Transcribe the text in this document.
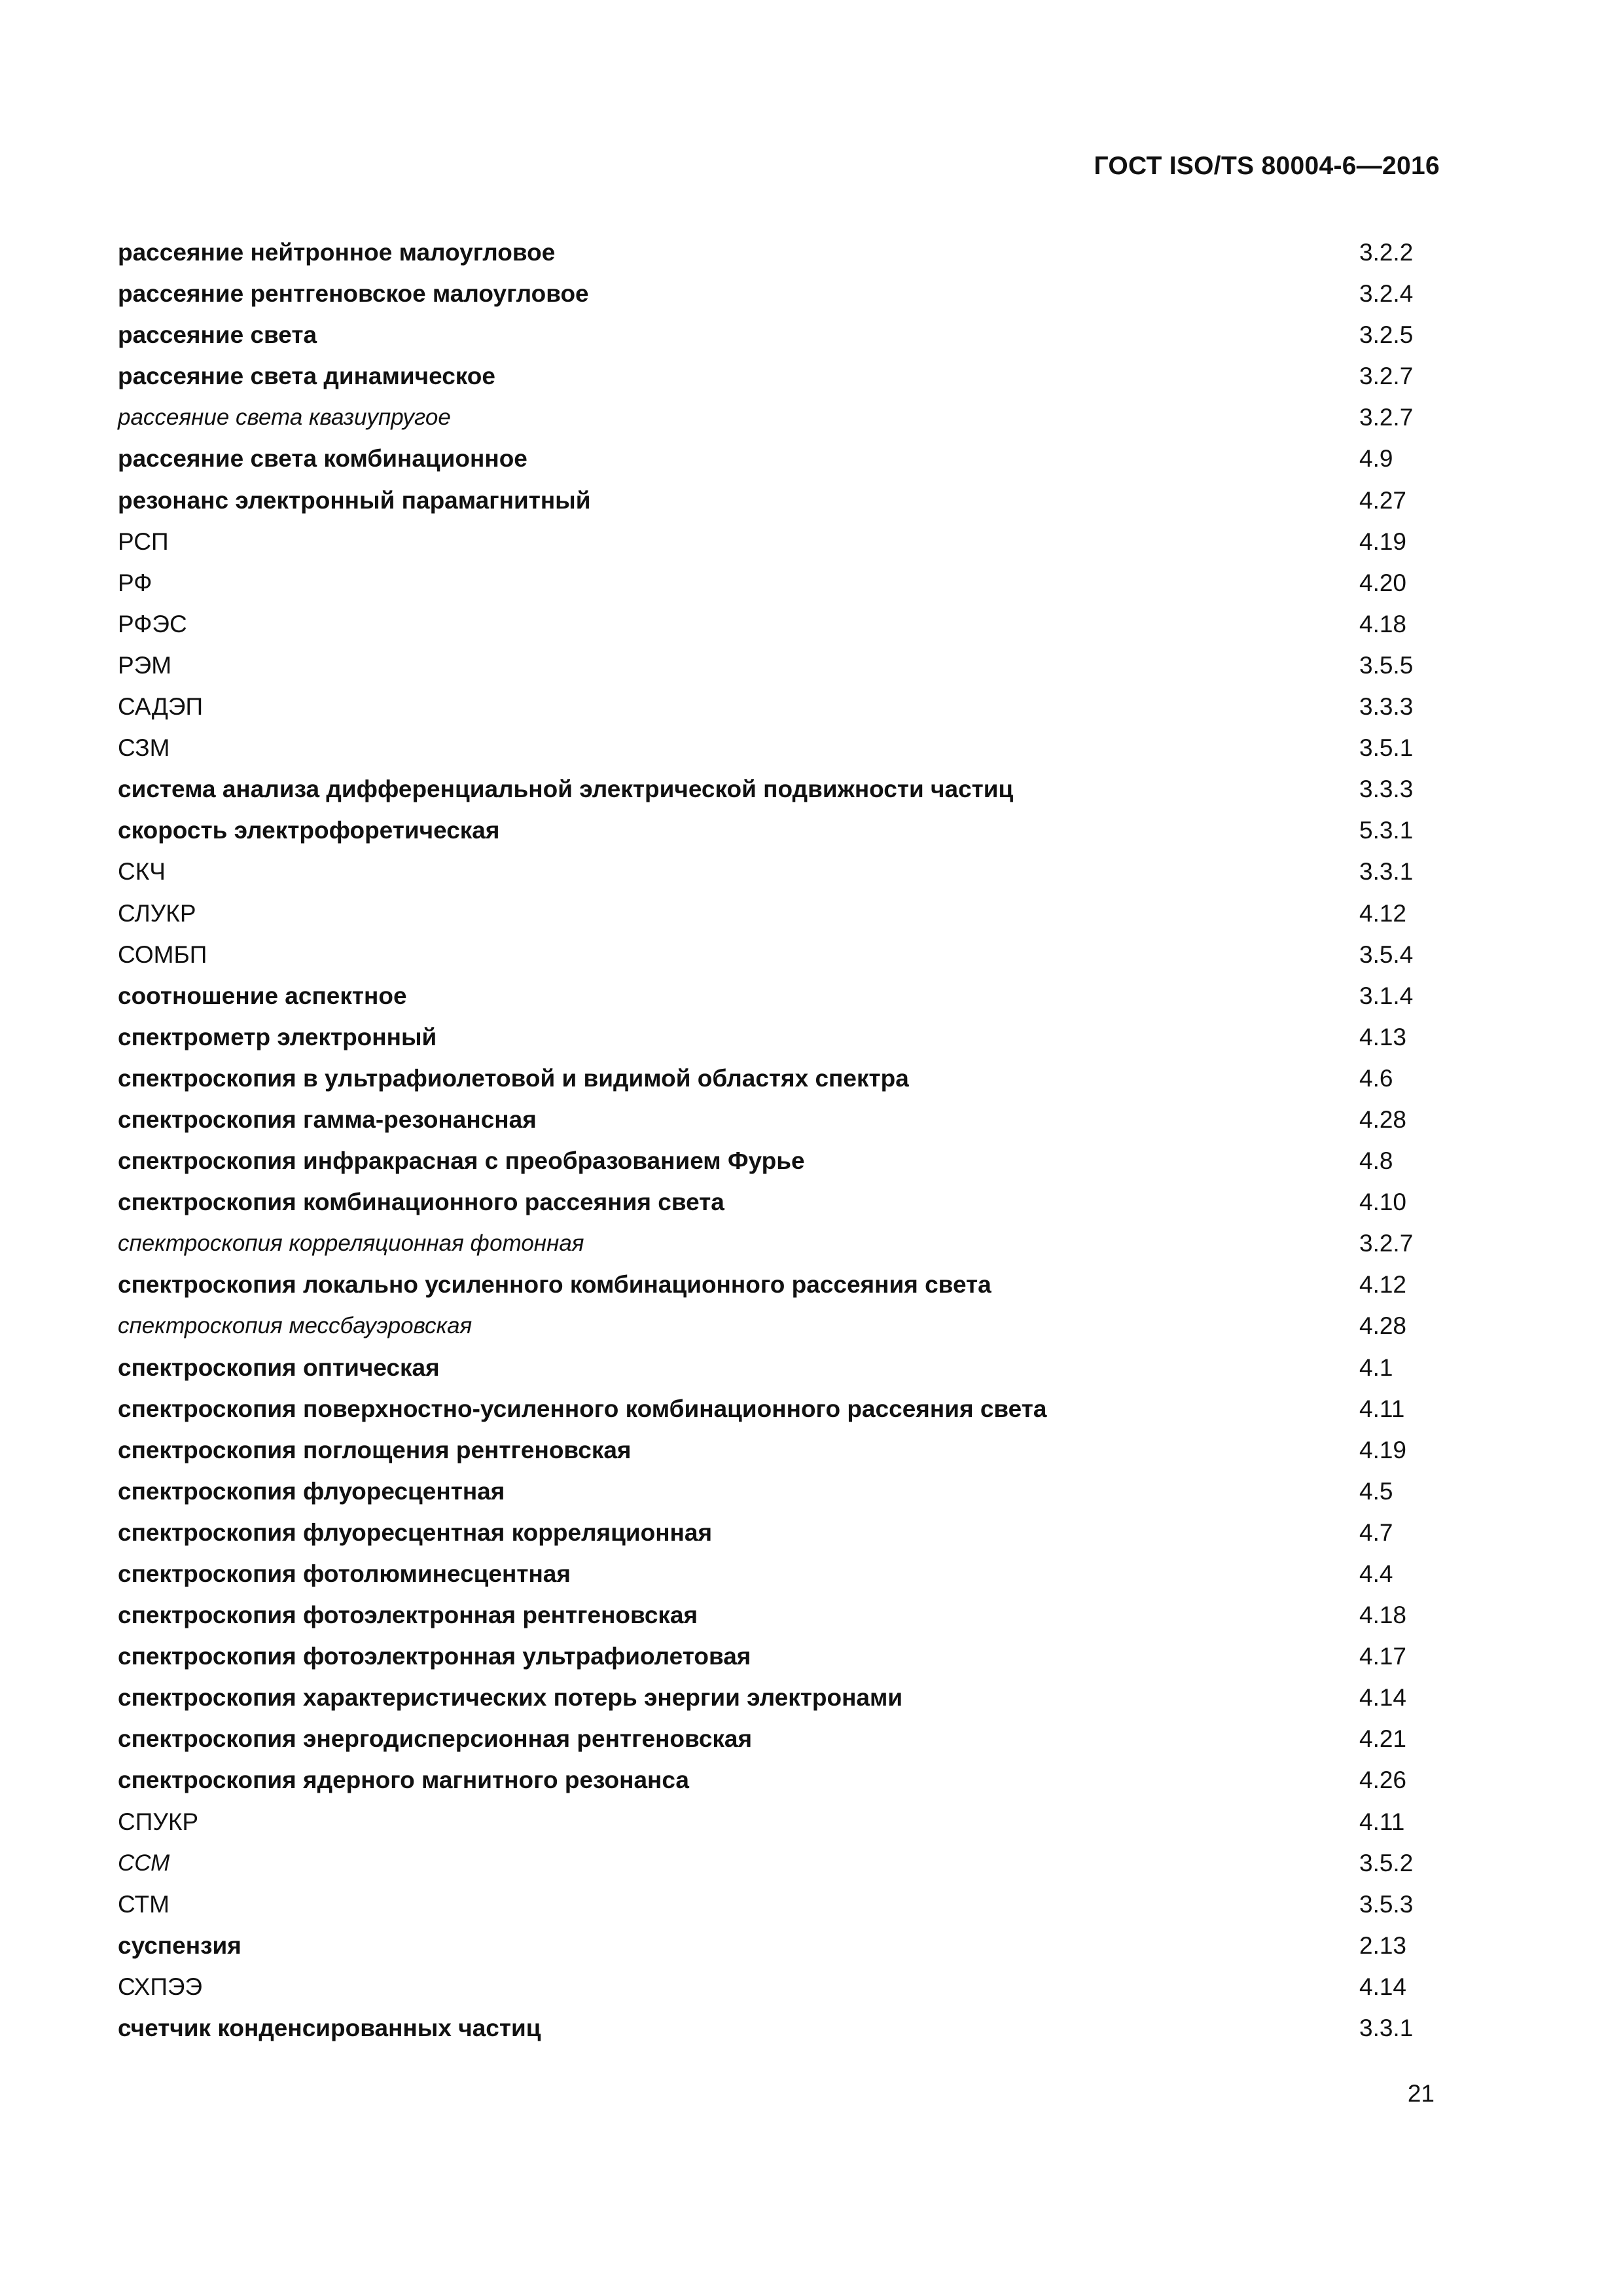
ГОСТ ISO/TS 80004-6—2016
рассеяние нейтронное малоугловое	3.2.2
рассеяние рентгеновское малоугловое	3.2.4
рассеяние света	3.2.5
рассеяние света динамическое	3.2.7
рассеяние света квазиупругое	3.2.7
рассеяние света комбинационное	4.9
резонанс электронный парамагнитный	4.27
РСП	4.19
РФ	4.20
РФЭС	4.18
РЭМ	3.5.5
САДЭП	3.3.3
СЗМ	3.5.1
система анализа дифференциальной электрической подвижности частиц	3.3.3
скорость электрофоретическая	5.3.1
СКЧ	3.3.1
СЛУКР	4.12
СОМБП	3.5.4
соотношение аспектное	3.1.4
спектрометр электронный	4.13
спектроскопия в ультрафиолетовой и видимой областях спектра	4.6
спектроскопия гамма-резонансная	4.28
спектроскопия инфракрасная с преобразованием Фурье	4.8
спектроскопия комбинационного рассеяния света	4.10
спектроскопия корреляционная фотонная	3.2.7
спектроскопия локально усиленного комбинационного рассеяния света	4.12
спектроскопия мессбауэровская	4.28
спектроскопия оптическая	4.1
спектроскопия поверхностно-усиленного комбинационного рассеяния света	4.11
спектроскопия поглощения рентгеновская	4.19
спектроскопия флуоресцентная	4.5
спектроскопия флуоресцентная корреляционная	4.7
спектроскопия фотолюминесцентная	4.4
спектроскопия фотоэлектронная рентгеновская	4.18
спектроскопия фотоэлектронная ультрафиолетовая	4.17
спектроскопия характеристических потерь энергии электронами	4.14
спектроскопия энергодисперсионная рентгеновская	4.21
спектроскопия ядерного магнитного резонанса	4.26
СПУКР	4.11
ССМ	3.5.2
СТМ	3.5.3
суспензия	2.13
СХПЭЭ	4.14
счетчик конденсированных частиц	3.3.1
21
